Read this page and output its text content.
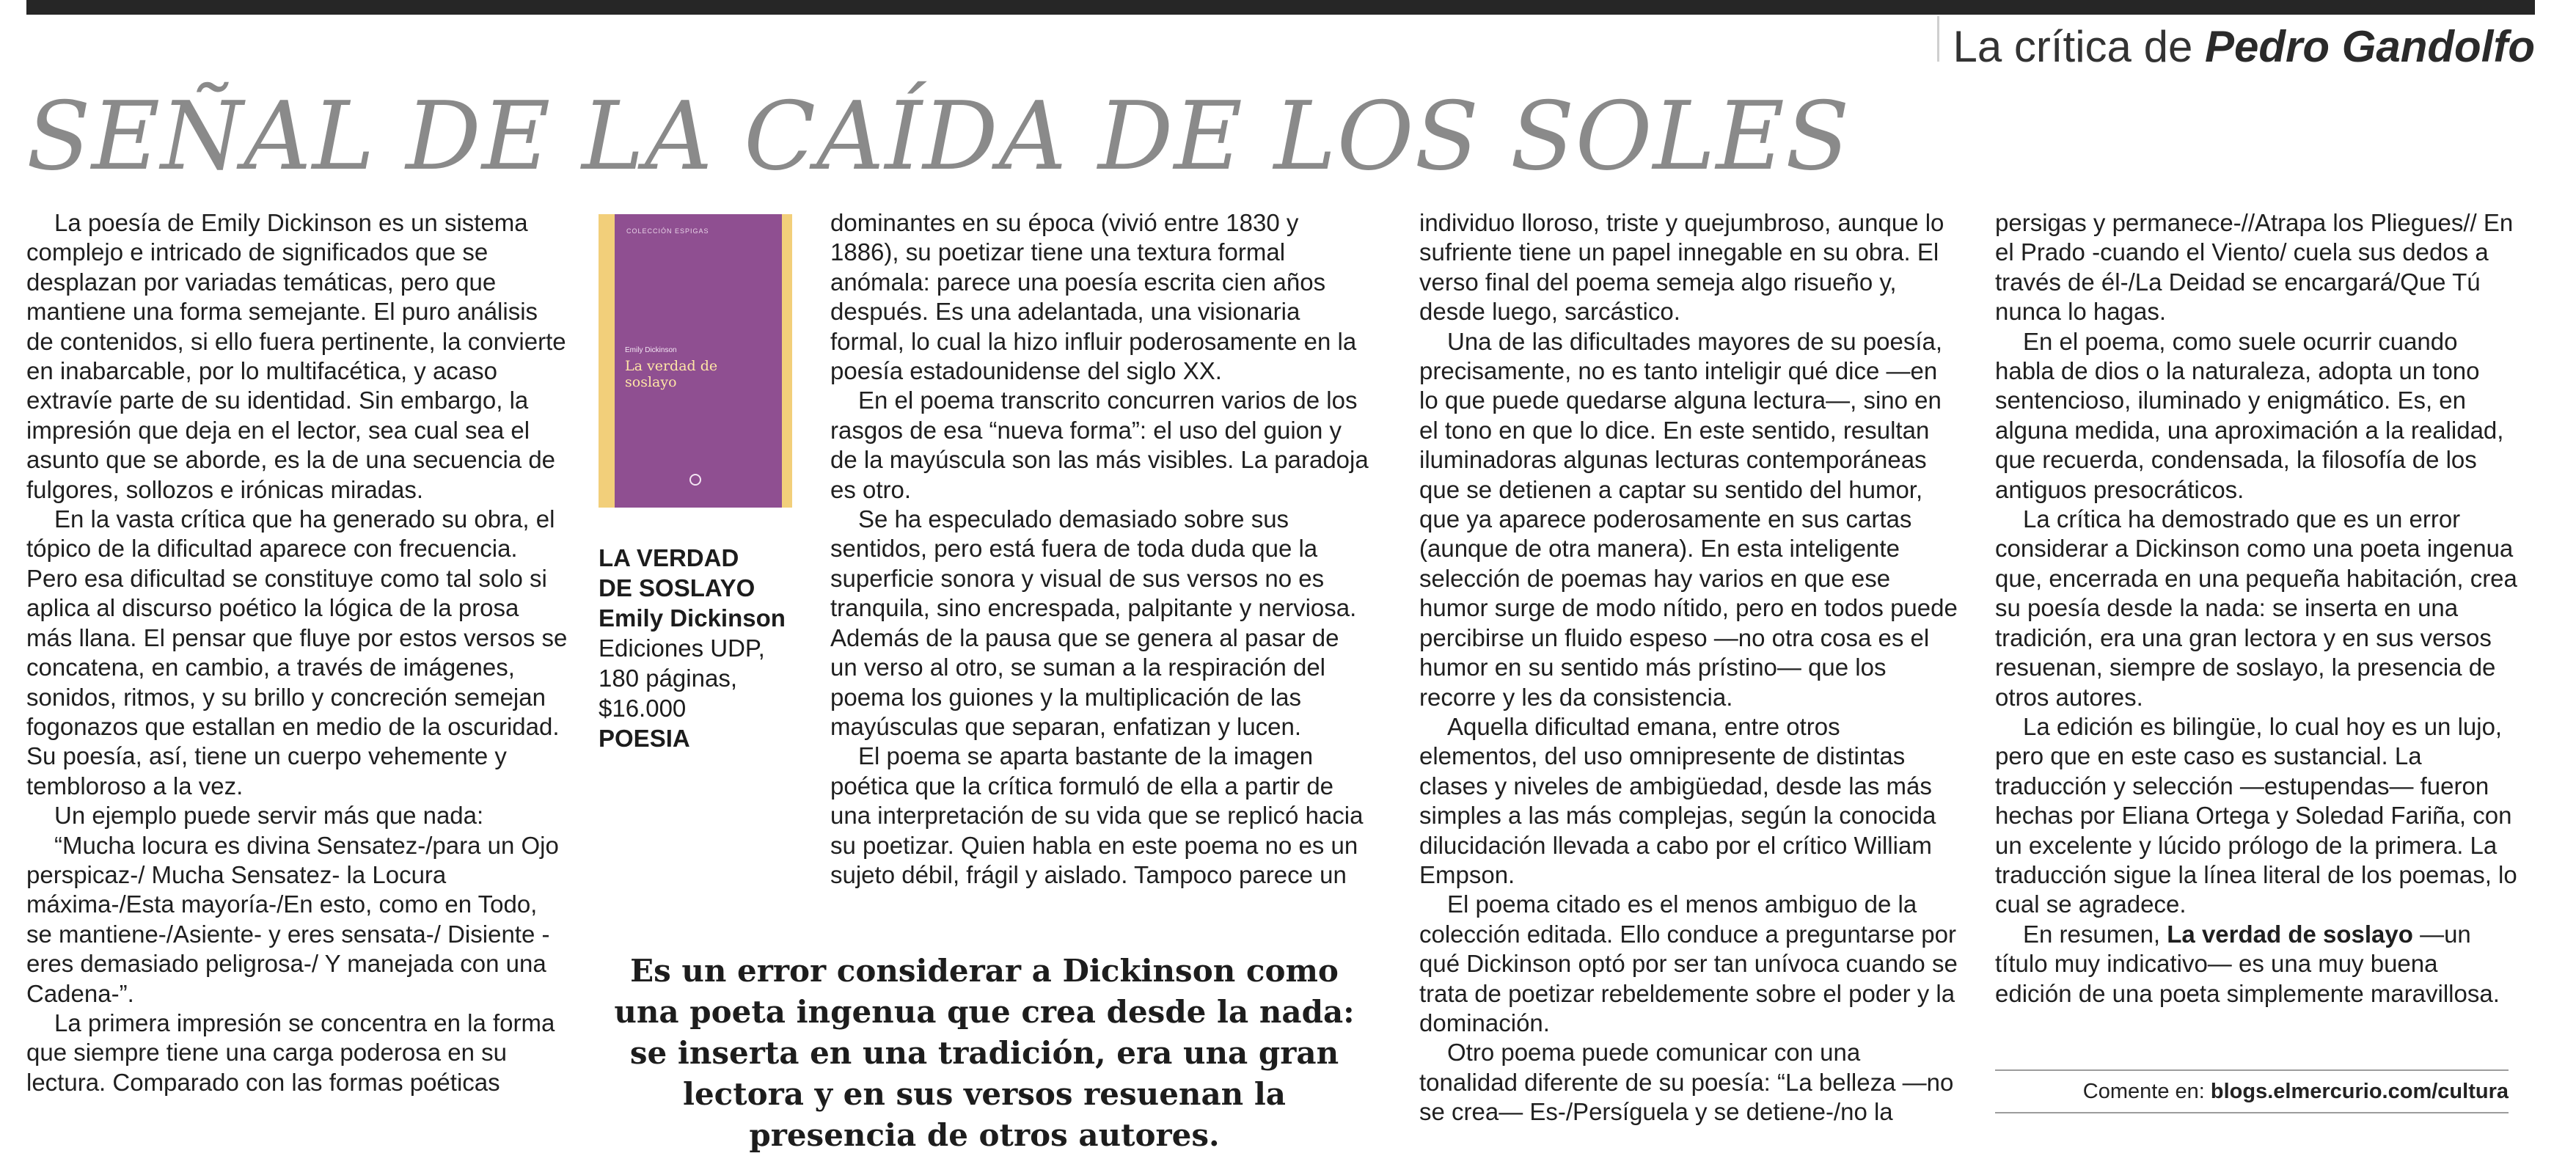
La crítica de Pedro Gandolfo
SEÑAL DE LA CAÍDA DE LOS SOLES

La poesía de Emily Dickinson es un sistema complejo e intricado de significados que se desplazan por variadas temáticas, pero que mantiene una forma semejante. El puro análisis de contenidos, si ello fuera pertinente, la convierte en inabarcable, por lo multifacética, y acaso extravíe parte de su identidad. Sin embargo, la impresión que deja en el lector, sea cual sea el asunto que se aborde, es la de una secuencia de fulgores, sollozos e irónicas miradas.

En la vasta crítica que ha generado su obra, el tópico de la dificultad aparece con frecuencia. Pero esa dificultad se constituye como tal solo si aplica al discurso poético la lógica de la prosa más llana. El pensar que fluye por estos versos se concatena, en cambio, a través de imágenes, sonidos, ritmos, y su brillo y concreción semejan fogonazos que estallan en medio de la oscuridad. Su poesía, así, tiene un cuerpo vehemente y tembloroso a la vez.

Un ejemplo puede servir más que nada:

“Mucha locura es divina Sensatez-/para un Ojo perspicaz-/ Mucha Sensatez- la Locura máxima-/Esta mayoría-/En esto, como en Todo, se mantiene-/Asiente- y eres sensata-/ Disiente -eres demasiado peligrosa-/ Y manejada con una Cadena-”.

La primera impresión se concentra en la forma que siempre tiene una carga poderosa en su lectura. Comparado con las formas poéticas

COLECCIÓN ESPIGAS
Emily Dickinson
La verdad de soslayo
LA VERDAD
DE SOSLAYO
Emily Dickinson
Ediciones UDP,
180 páginas,
$16.000
POESIA

dominantes en su época (vivió entre 1830 y 1886), su poetizar tiene una textura formal anómala: parece una poesía escrita cien años después. Es una adelantada, una visionaria formal, lo cual la hizo influir poderosamente en la poesía estadounidense del siglo XX.

En el poema transcrito concurren varios de los rasgos de esa “nueva forma”: el uso del guion y de la mayúscula son las más visibles. La paradoja es otro.

Se ha especulado demasiado sobre sus sentidos, pero está fuera de toda duda que la superficie sonora y visual de sus versos no es tranquila, sino encrespada, palpitante y nerviosa. Además de la pausa que se genera al pasar de un verso al otro, se suman a la respiración del poema los guiones y la multiplicación de las mayúsculas que separan, enfatizan y lucen.

El poema se aparta bastante de la imagen poética que la crítica formuló de ella a partir de una interpretación de su vida que se replicó hacia su poetizar. Quien habla en este poema no es un sujeto débil, frágil y aislado. Tampoco parece un

Es un error considerar a Dickinson como una poeta ingenua que crea desde la nada: se inserta en una tradición, era una gran lectora y en sus versos resuenan la presencia de otros autores.

individuo lloroso, triste y quejumbroso, aunque lo sufriente tiene un papel innegable en su obra. El verso final del poema semeja algo risueño y, desde luego, sarcástico.

Una de las dificultades mayores de su poesía, precisamente, no es tanto inteligir qué dice —en lo que puede quedarse alguna lectura—, sino en el tono en que lo dice. En este sentido, resultan iluminadoras algunas lecturas contemporáneas que se detienen a captar su sentido del humor, que ya aparece poderosamente en sus cartas (aunque de otra manera). En esta inteligente selección de poemas hay varios en que ese humor surge de modo nítido, pero en todos puede percibirse un fluido espeso —no otra cosa es el humor en su sentido más prístino— que los recorre y les da consistencia.

Aquella dificultad emana, entre otros elementos, del uso omnipresente de distintas clases y niveles de ambigüedad, desde las más simples a las más complejas, según la conocida dilucidación llevada a cabo por el crítico William Empson.

El poema citado es el menos ambiguo de la colección editada. Ello conduce a preguntarse por qué Dickinson optó por ser tan unívoca cuando se trata de poetizar rebeldemente sobre el poder y la dominación.

Otro poema puede comunicar con una tonalidad diferente de su poesía: “La belleza —no se crea— Es-/Persíguela y se detiene-/no la

persigas y permanece-//Atrapa los Pliegues// En el Prado -cuando el Viento/ cuela sus dedos a través de él-/La Deidad se encargará/Que Tú nunca lo hagas.

En el poema, como suele ocurrir cuando habla de dios o la naturaleza, adopta un tono sentencioso, iluminado y enigmático. Es, en alguna medida, una aproximación a la realidad, que recuerda, condensada, la filosofía de los antiguos presocráticos.

La crítica ha demostrado que es un error considerar a Dickinson como una poeta ingenua que, encerrada en una pequeña habitación, crea su poesía desde la nada: se inserta en una tradición, era una gran lectora y en sus versos resuenan, siempre de soslayo, la presencia de otros autores.

La edición es bilingüe, lo cual hoy es un lujo, pero que en este caso es sustancial. La traducción y selección —estupendas— fueron hechas por Eliana Ortega y Soledad Fariña, con un excelente y lúcido prólogo de la primera. La traducción sigue la línea literal de los poemas, lo cual se agradece.

En resumen, La verdad de soslayo —un título muy indicativo— es una muy buena edición de una poeta simplemente maravillosa.

Comente en: blogs.elmercurio.com/cultura
